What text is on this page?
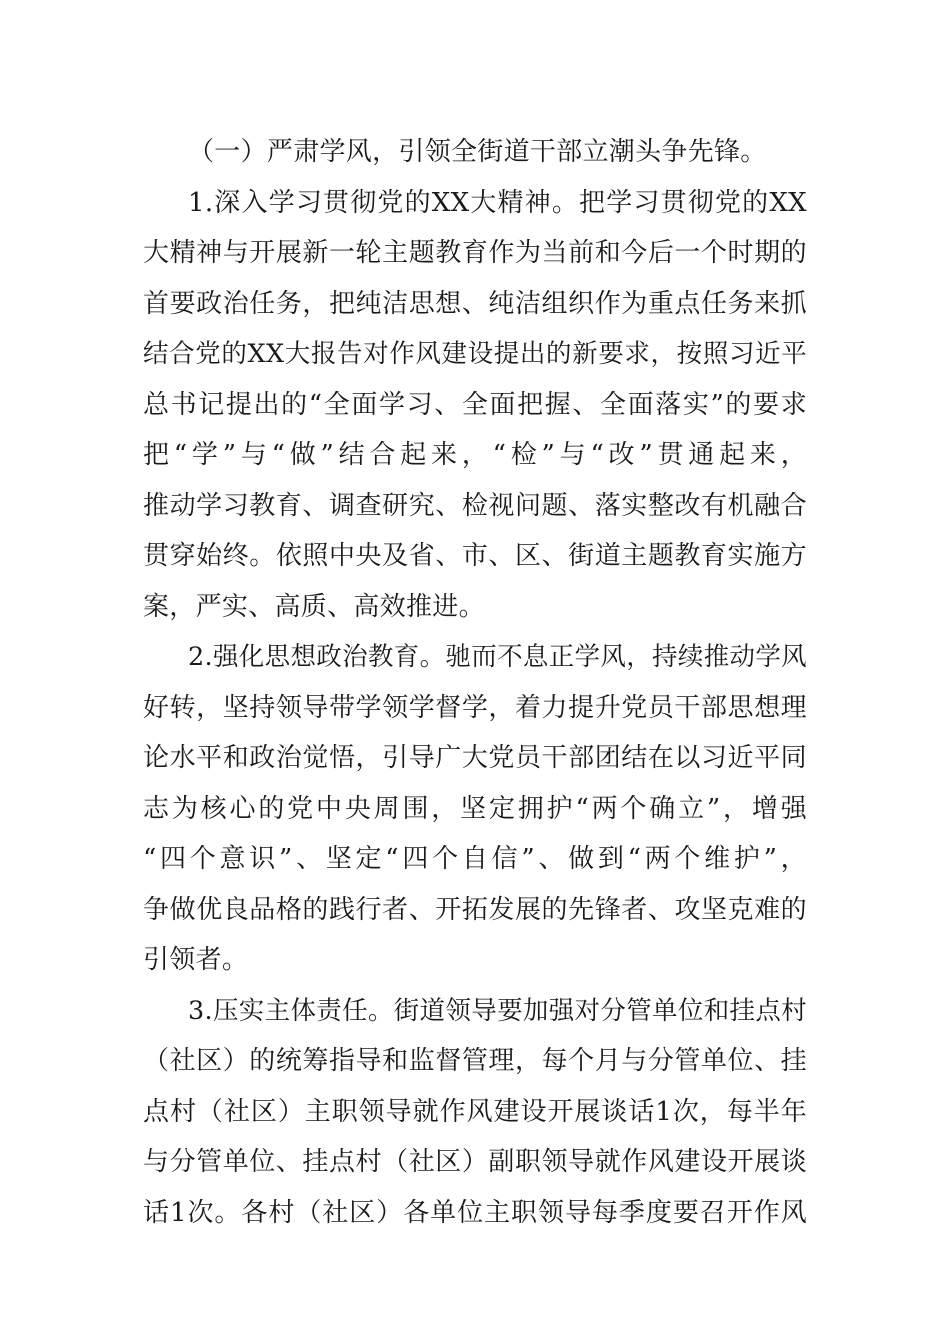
（一）严肃学风，引领全街道干部立潮头争先锋。
1.深入学习贯彻党的XX大精神。把学习贯彻党的XX
大精神与开展新一轮主题教育作为当前和今后一个时期的
首要政治任务，把纯洁思想、纯洁组织作为重点任务来抓
结合党的XX大报告对作风建设提出的新要求，按照习近平
总书记提出的“全面学习、全面把握、全面落实”的要求
把“学”与“做”结合起来，“检”与“改”贯通起来，
推动学习教育、调查研究、检视问题、落实整改有机融合
贯穿始终。依照中央及省、市、区、街道主题教育实施方
案，严实、高质、高效推进。
2.强化思想政治教育。驰而不息正学风，持续推动学风
好转，坚持领导带学领学督学，着力提升党员干部思想理
论水平和政治觉悟，引导广大党员干部团结在以习近平同
志为核心的党中央周围，坚定拥护“两个确立”，增强
“四个意识”、坚定“四个自信”、做到“两个维护”，
争做优良品格的践行者、开拓发展的先锋者、攻坚克难的
引领者。
3.压实主体责任。街道领导要加强对分管单位和挂点村
（社区）的统筹指导和监督管理，每个月与分管单位、挂
点村（社区）主职领导就作风建设开展谈话1次，每半年
与分管单位、挂点村（社区）副职领导就作风建设开展谈
话1次。各村（社区）各单位主职领导每季度要召开作风
